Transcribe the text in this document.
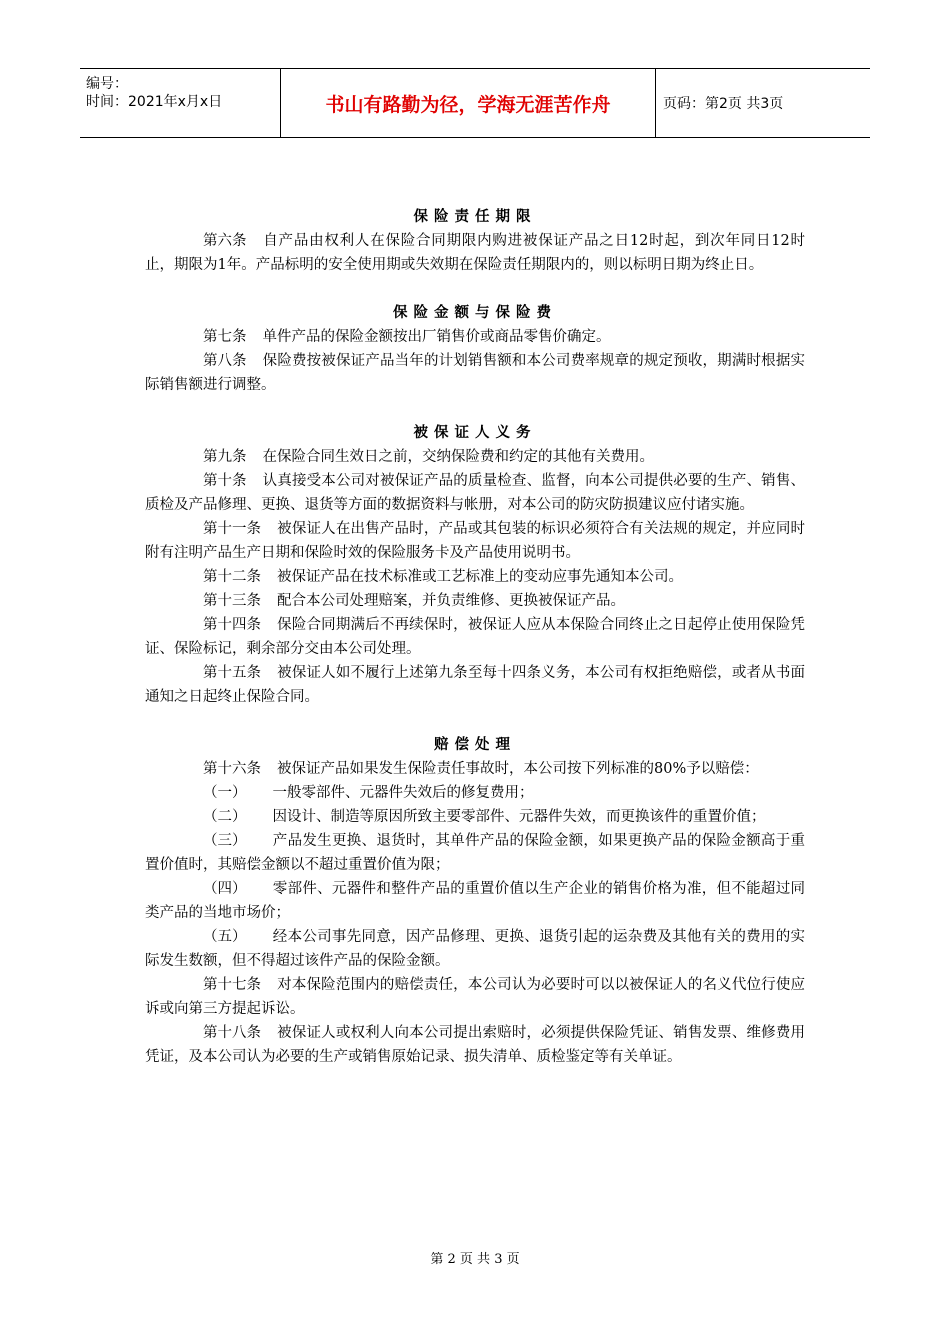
编号：
时间：2021年x月x日	书山有路勤为径，学海无涯苦作舟	页码：第2页 共3页
保险责任期限
第六条 自产品由权利人在保险合同期限内购进被保证产品之日12时起，到次年同日12时止，期限为1年。产品标明的安全使用期或失效期在保险责任期限内的，则以标明日期为终止日。
保险金额与保险费
第七条 单件产品的保险金额按出厂销售价或商品零售价确定。
第八条 保险费按被保证产品当年的计划销售额和本公司费率规章的规定预收，期满时根据实际销售额进行调整。
被保证人义务
第九条 在保险合同生效日之前，交纳保险费和约定的其他有关费用。
第十条 认真接受本公司对被保证产品的质量检查、监督，向本公司提供必要的生产、销售、质检及产品修理、更换、退货等方面的数据资料与帐册，对本公司的防灾防损建议应付诸实施。
第十一条 被保证人在出售产品时，产品或其包装的标识必须符合有关法规的规定，并应同时附有注明产品生产日期和保险时效的保险服务卡及产品使用说明书。
第十二条 被保证产品在技术标准或工艺标准上的变动应事先通知本公司。
第十三条 配合本公司处理赔案，并负责维修、更换被保证产品。
第十四条 保险合同期满后不再续保时，被保证人应从本保险合同终止之日起停止使用保险凭证、保险标记，剩余部分交由本公司处理。
第十五条 被保证人如不履行上述第九条至每十四条义务，本公司有权拒绝赔偿，或者从书面通知之日起终止保险合同。
赔偿处理
第十六条 被保证产品如果发生保险责任事故时，本公司按下列标准的80%予以赔偿：
（一） 一般零部件、元器件失效后的修复费用；
（二） 因设计、制造等原因所致主要零部件、元器件失效，而更换该件的重置价值；
（三） 产品发生更换、退货时，其单件产品的保险金额，如果更换产品的保险金额高于重置价值时，其赔偿金额以不超过重置价值为限；
（四） 零部件、元器件和整件产品的重置价值以生产企业的销售价格为准，但不能超过同类产品的当地市场价；
（五） 经本公司事先同意，因产品修理、更换、退货引起的运杂费及其他有关的费用的实际发生数额，但不得超过该件产品的保险金额。
第十七条 对本保险范围内的赔偿责任，本公司认为必要时可以以被保证人的名义代位行使应诉或向第三方提起诉讼。
第十八条 被保证人或权利人向本公司提出索赔时，必须提供保险凭证、销售发票、维修费用凭证，及本公司认为必要的生产或销售原始记录、损失清单、质检鉴定等有关单证。
第 2 页 共 3 页
